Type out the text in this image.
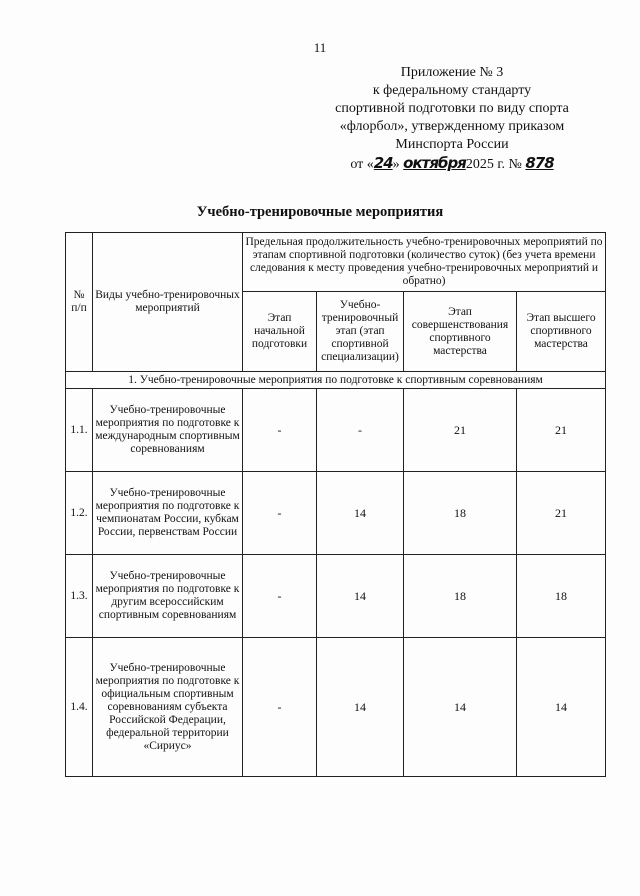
11
Приложение № 3
к федеральному стандарту
спортивной подготовки по виду спорта
«флорбол», утвержденному приказом
Минспорта России
от «24» октября2025 г. № 878
Учебно-тренировочные мероприятия
№ п/п	Виды учебно-тренировочных мероприятий	Предельная продолжительность учебно-тренировочных мероприятий по этапам спортивной подготовки (количество суток) (без учета времени следования к месту проведения учебно-тренировочных мероприятий и обратно)			
		Этап начальной подготовки	Учебно-тренировочный этап (этап спортивной специализации)	Этап совершенствования спортивного мастерства	Этап высшего спортивного мастерства
1. Учебно-тренировочные мероприятия по подготовке к спортивным соревнованиям					
1.1.	Учебно-тренировочные мероприятия по подготовке к международным спортивным соревнованиям	-	-	21	21
1.2.	Учебно-тренировочные мероприятия по подготовке к чемпионатам России, кубкам России, первенствам России	-	14	18	21
1.3.	Учебно-тренировочные мероприятия по подготовке к другим всероссийским спортивным соревнованиям	-	14	18	18
1.4.	Учебно-тренировочные мероприятия по подготовке к официальным спортивным соревнованиям субъекта Российской Федерации, федеральной территории «Сириус»	-	14	14	14
